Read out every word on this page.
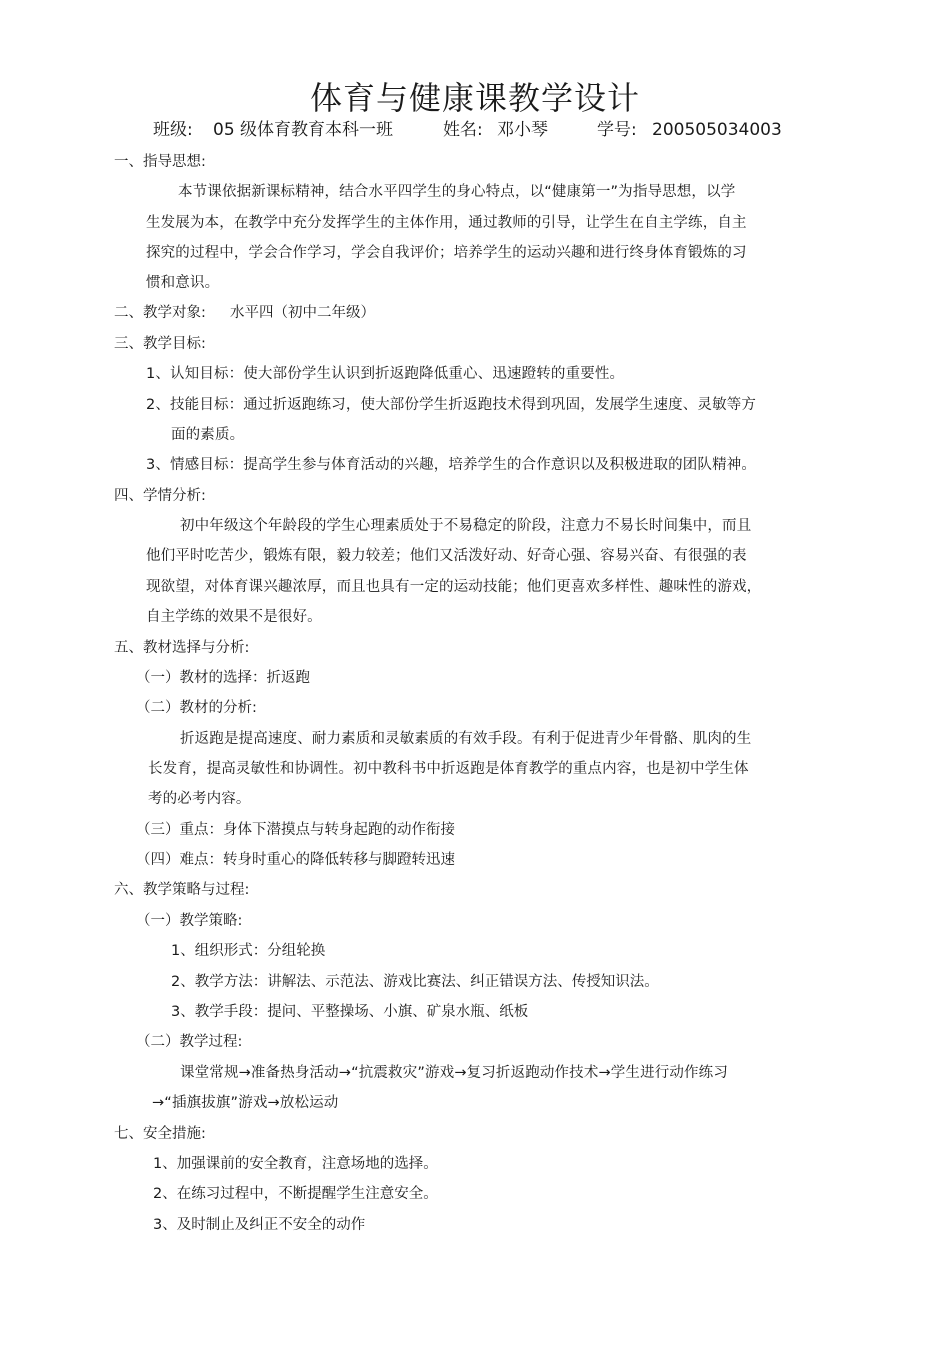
体育与健康课教学设计
班级: 05 级体育教育本科一班	姓名: 邓小琴	学号: 200505034003
一、指导思想:
本节课依据新课标精神，结合水平四学生的身心特点，以“健康第一”为指导思想，以学
生发展为本，在教学中充分发挥学生的主体作用，通过教师的引导，让学生在自主学练，自主
探究的过程中，学会合作学习，学会自我评价；培养学生的运动兴趣和进行终身体育锻炼的习
惯和意识。
二、教学对象: 水平四（初中二年级）
三、教学目标:
1、认知目标：使大部份学生认识到折返跑降低重心、迅速蹬转的重要性。
2、技能目标：通过折返跑练习，使大部份学生折返跑技术得到巩固，发展学生速度、灵敏等方
面的素质。
3、情感目标：提高学生参与体育活动的兴趣，培养学生的合作意识以及积极进取的团队精神。
四、学情分析:
初中年级这个年龄段的学生心理素质处于不易稳定的阶段，注意力不易长时间集中，而且
他们平时吃苦少，锻炼有限，毅力较差；他们又活泼好动、好奇心强、容易兴奋、有很强的表
现欲望，对体育课兴趣浓厚，而且也具有一定的运动技能；他们更喜欢多样性、趣味性的游戏，
自主学练的效果不是很好。
五、教材选择与分析:
（一）教材的选择：折返跑
（二）教材的分析:
折返跑是提高速度、耐力素质和灵敏素质的有效手段。有利于促进青少年骨骼、肌肉的生
长发育，提高灵敏性和协调性。初中教科书中折返跑是体育教学的重点内容，也是初中学生体
考的必考内容。
（三）重点：身体下潜摸点与转身起跑的动作衔接
（四）难点：转身时重心的降低转移与脚蹬转迅速
六、教学策略与过程:
（一）教学策略:
1、组织形式：分组轮换
2、教学方法：讲解法、示范法、游戏比赛法、纠正错误方法、传授知识法。
3、教学手段：提问、平整操场、小旗、矿泉水瓶、纸板
（二）教学过程:
课堂常规→准备热身活动→“抗震救灾”游戏→复习折返跑动作技术→学生进行动作练习
→“插旗拔旗”游戏→放松运动
七、安全措施:
1、加强课前的安全教育，注意场地的选择。
2、在练习过程中，不断提醒学生注意安全。
3、及时制止及纠正不安全的动作
